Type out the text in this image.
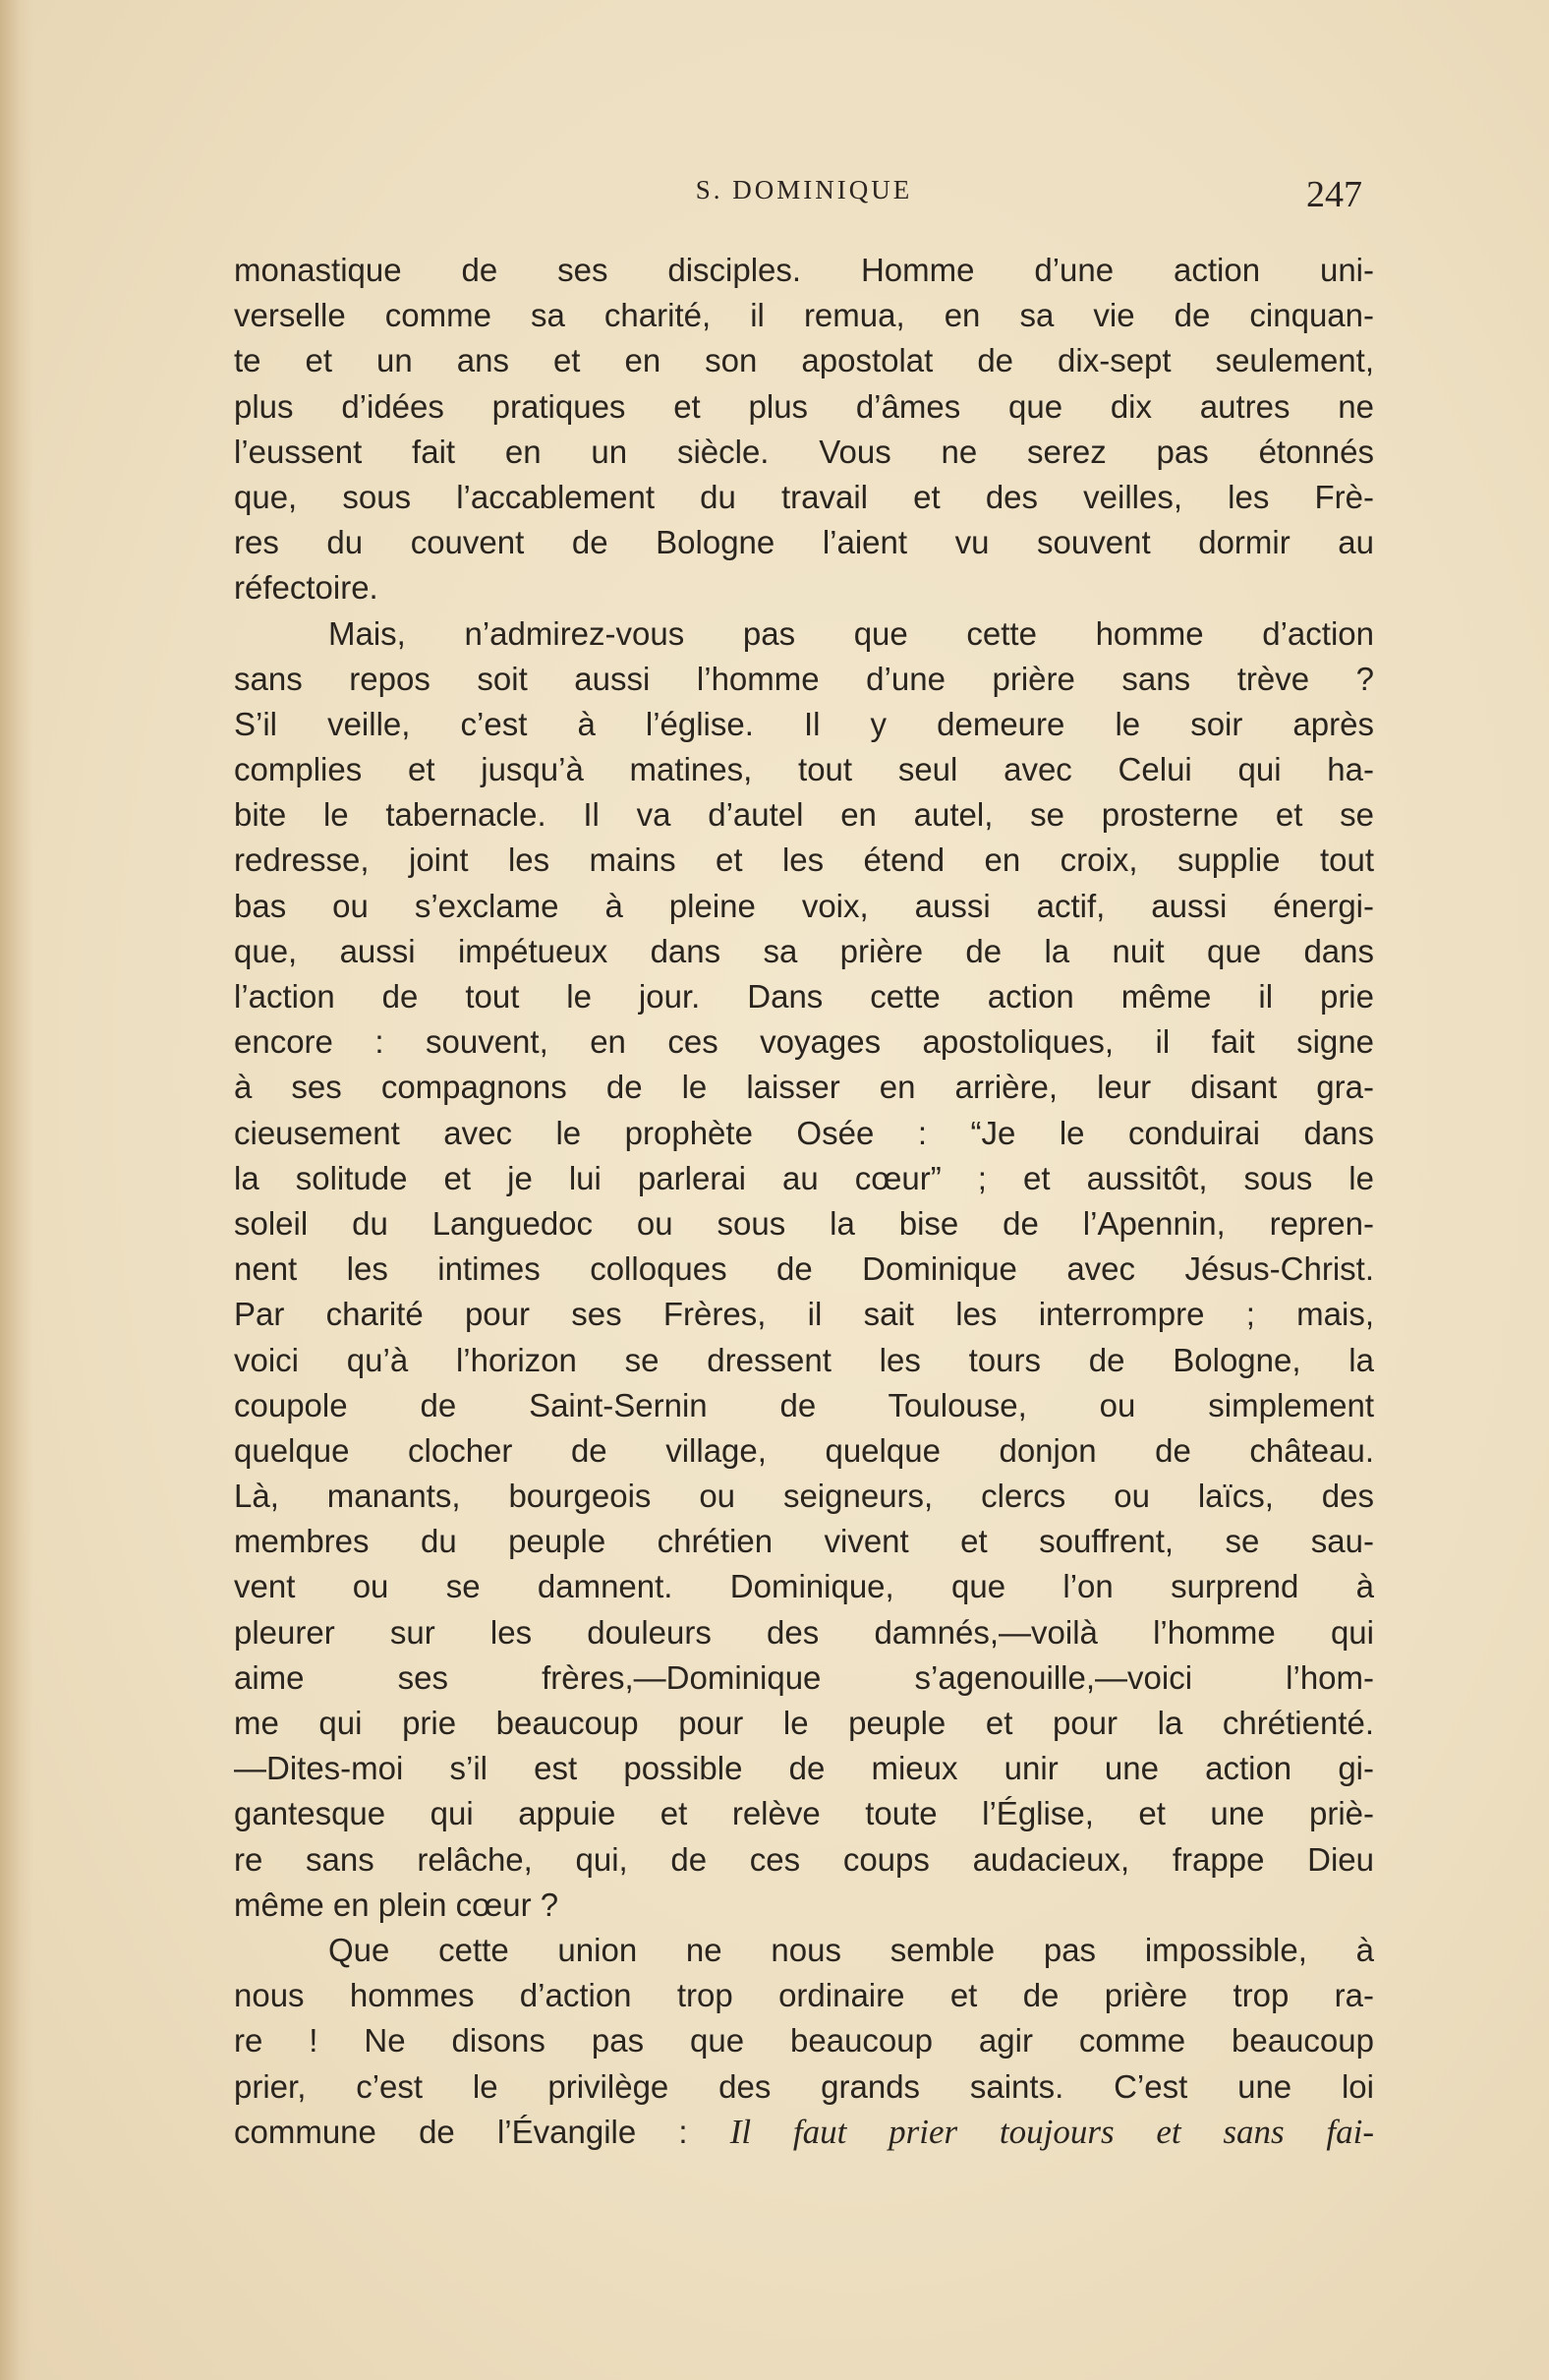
S. DOMINIQUE	247
monastique de ses disciples. Homme d’une action uni-
verselle comme sa charité, il remua, en sa vie de cinquan-
te et un ans et en son apostolat de dix-sept seulement,
plus d’idées pratiques et plus d’âmes que dix autres ne
l’eussent fait en un siècle. Vous ne serez pas étonnés
que, sous l’accablement du travail et des veilles, les Frè-
res du couvent de Bologne l’aient vu souvent dormir au
réfectoire.
Mais, n’admirez-vous pas que cette homme d’action
sans repos soit aussi l’homme d’une prière sans trève ?
S’il veille, c’est à l’église. Il y demeure le soir après
complies et jusqu’à matines, tout seul avec Celui qui ha-
bite le tabernacle. Il va d’autel en autel, se prosterne et se
redresse, joint les mains et les étend en croix, supplie tout
bas ou s’exclame à pleine voix, aussi actif, aussi énergi-
que, aussi impétueux dans sa prière de la nuit que dans
l’action de tout le jour. Dans cette action même il prie
encore : souvent, en ces voyages apostoliques, il fait signe
à ses compagnons de le laisser en arrière, leur disant gra-
cieusement avec le prophète Osée : “Je le conduirai dans
la solitude et je lui parlerai au cœur” ; et aussitôt, sous le
soleil du Languedoc ou sous la bise de l’Apennin, repren-
nent les intimes colloques de Dominique avec Jésus-Christ.
Par charité pour ses Frères, il sait les interrompre ; mais,
voici qu’à l’horizon se dressent les tours de Bologne, la
coupole de Saint-Sernin de Toulouse, ou simplement
quelque clocher de village, quelque donjon de château.
Là, manants, bourgeois ou seigneurs, clercs ou laïcs, des
membres du peuple chrétien vivent et souffrent, se sau-
vent ou se damnent. Dominique, que l’on surprend à
pleurer sur les douleurs des damnés,—voilà l’homme qui
aime ses frères,—Dominique s’agenouille,—voici l’hom-
me qui prie beaucoup pour le peuple et pour la chrétienté.
—Dites-moi s’il est possible de mieux unir une action gi-
gantesque qui appuie et relève toute l’Église, et une priè-
re sans relâche, qui, de ces coups audacieux, frappe Dieu
même en plein cœur ?
Que cette union ne nous semble pas impossible, à
nous hommes d’action trop ordinaire et de prière trop ra-
re ! Ne disons pas que beaucoup agir comme beaucoup
prier, c’est le privilège des grands saints. C’est une loi
commune de l’Évangile : Il faut prier toujours et sans fai-
